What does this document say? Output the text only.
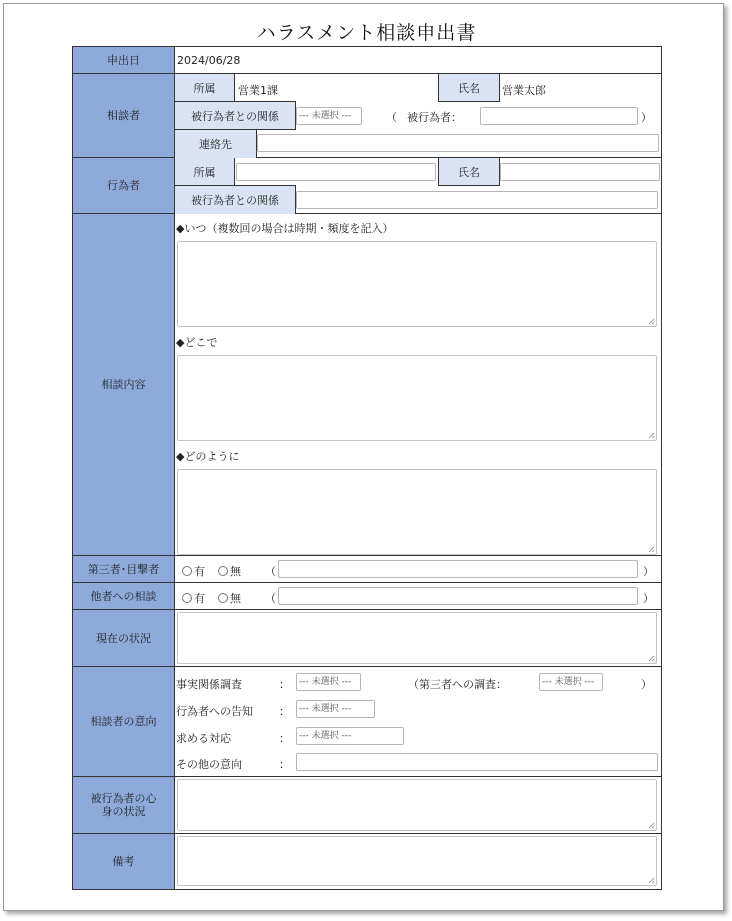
ハラスメント相談申出書
申出日	2024/06/28
相談者
所属	営業1課	氏名	営業太郎
被行為者との関係	--- 未選択 ---	（ 被行為者：	）
連絡先
行為者
所属	氏名
被行為者との関係
相談内容
◆いつ（複数回の場合は時期・頻度を記入）
◆どこで
◆どのように
第三者･目撃者	有	無 （	）
他者への相談	有	無 （	）
現在の状況
相談者の意向
事実関係調査	：	--- 未選択 ---	（第三者への調査：	--- 未選択 ---	）
行為者への告知 ：	--- 未選択 ---
求める対応	：	--- 未選択 ---
その他の意向	：
被行為者の心身の状況
備考
